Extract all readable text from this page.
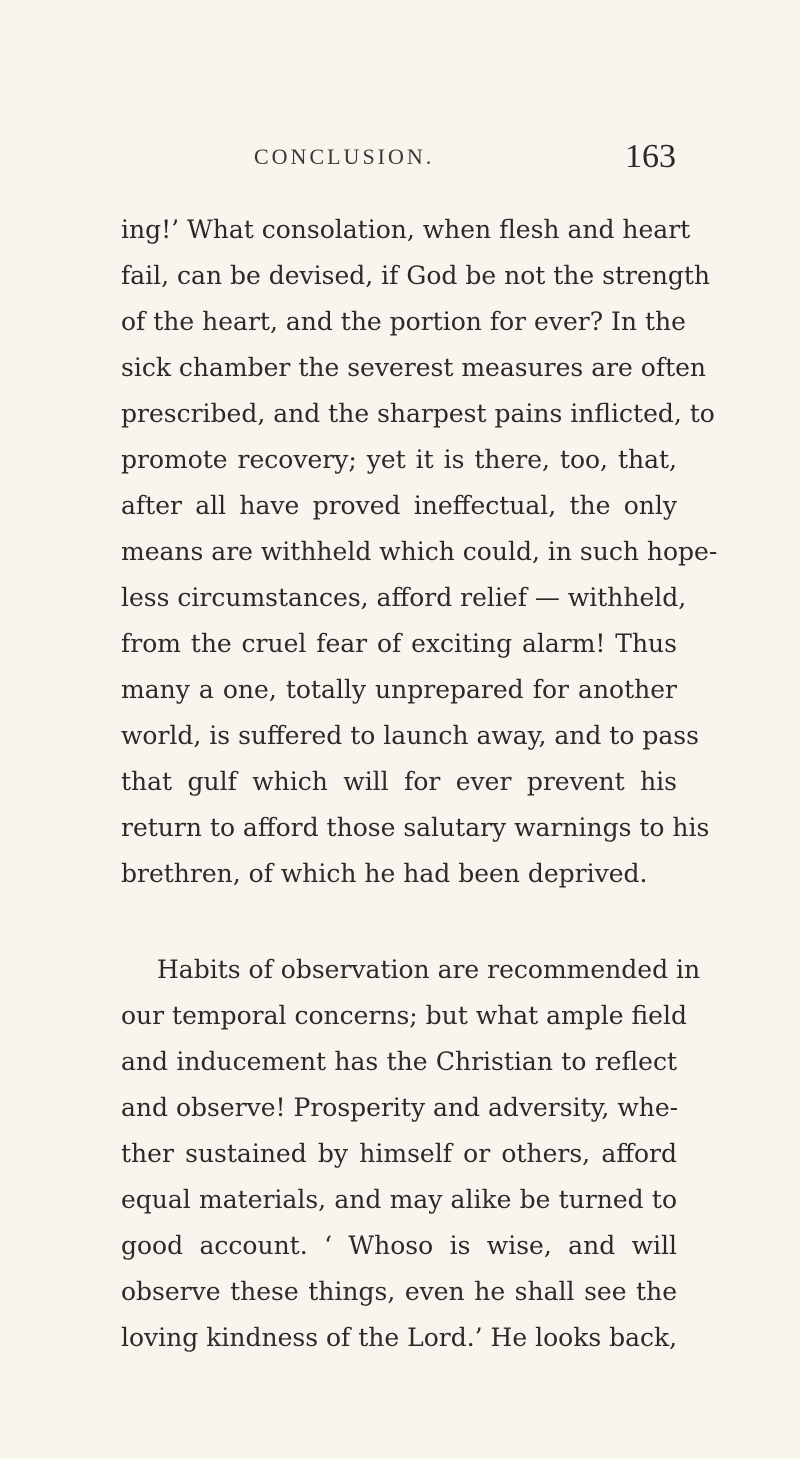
CONCLUSION.	163
ing!’ What consolation, when flesh and heart
fail, can be devised, if God be not the strength
of the heart, and the portion for ever? In the
sick chamber the severest measures are often
prescribed, and the sharpest pains inflicted, to
promote recovery; yet it is there, too, that,
after all have proved ineffectual, the only
means are withheld which could, in such hope-
less circumstances, afford relief — withheld,
from the cruel fear of exciting alarm! Thus
many a one, totally unprepared for another
world, is suffered to launch away, and to pass
that gulf which will for ever prevent his
return to afford those salutary warnings to his
brethren, of which he had been deprived.
Habits of observation are recommended in
our temporal concerns; but what ample field
and inducement has the Christian to reflect
and observe! Prosperity and adversity, whe-
ther sustained by himself or others, afford
equal materials, and may alike be turned to
good account. ‘ Whoso is wise, and will
observe these things, even he shall see the
loving kindness of the Lord.’ He looks back,
